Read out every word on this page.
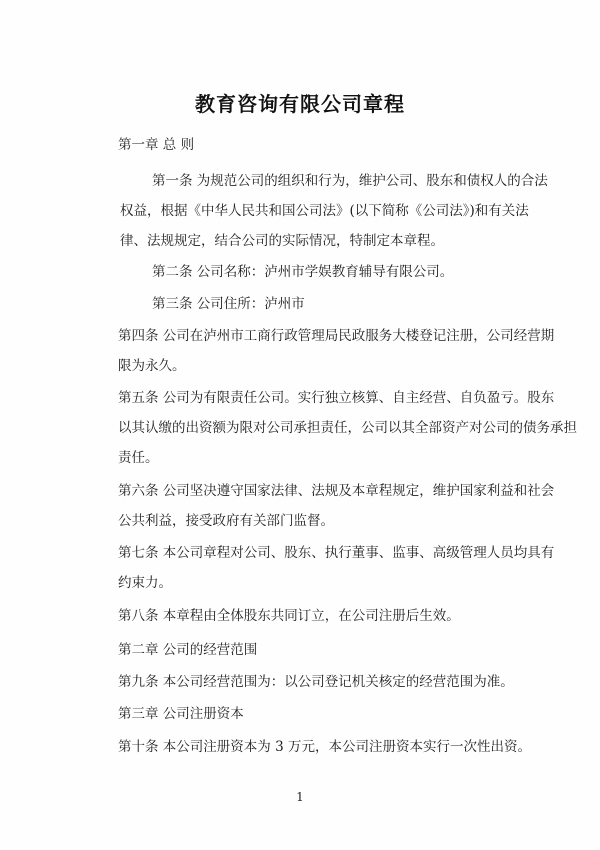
教育咨询有限公司章程
第一章 总 则
第一条 为规范公司的组织和行为，维护公司、股东和债权人的合法
权益，根据《中华人民共和国公司法》(以下简称《公司法》)和有关法
律、法规规定，结合公司的实际情况，特制定本章程。
第二条 公司名称：泸州市学娱教育辅导有限公司。
第三条 公司住所：泸州市
第四条 公司在泸州市工商行政管理局民政服务大楼登记注册，公司经营期
限为永久。
第五条 公司为有限责任公司。实行独立核算、自主经营、自负盈亏。股东
以其认缴的出资额为限对公司承担责任，公司以其全部资产对公司的债务承担
责任。
第六条 公司坚决遵守国家法律、法规及本章程规定，维护国家利益和社会
公共利益，接受政府有关部门监督。
第七条 本公司章程对公司、股东、执行董事、监事、高级管理人员均具有
约束力。
第八条 本章程由全体股东共同订立，在公司注册后生效。
第二章 公司的经营范围
第九条 本公司经营范围为：以公司登记机关核定的经营范围为准。
第三章 公司注册资本
第十条 本公司注册资本为 3 万元，本公司注册资本实行一次性出资。
1
